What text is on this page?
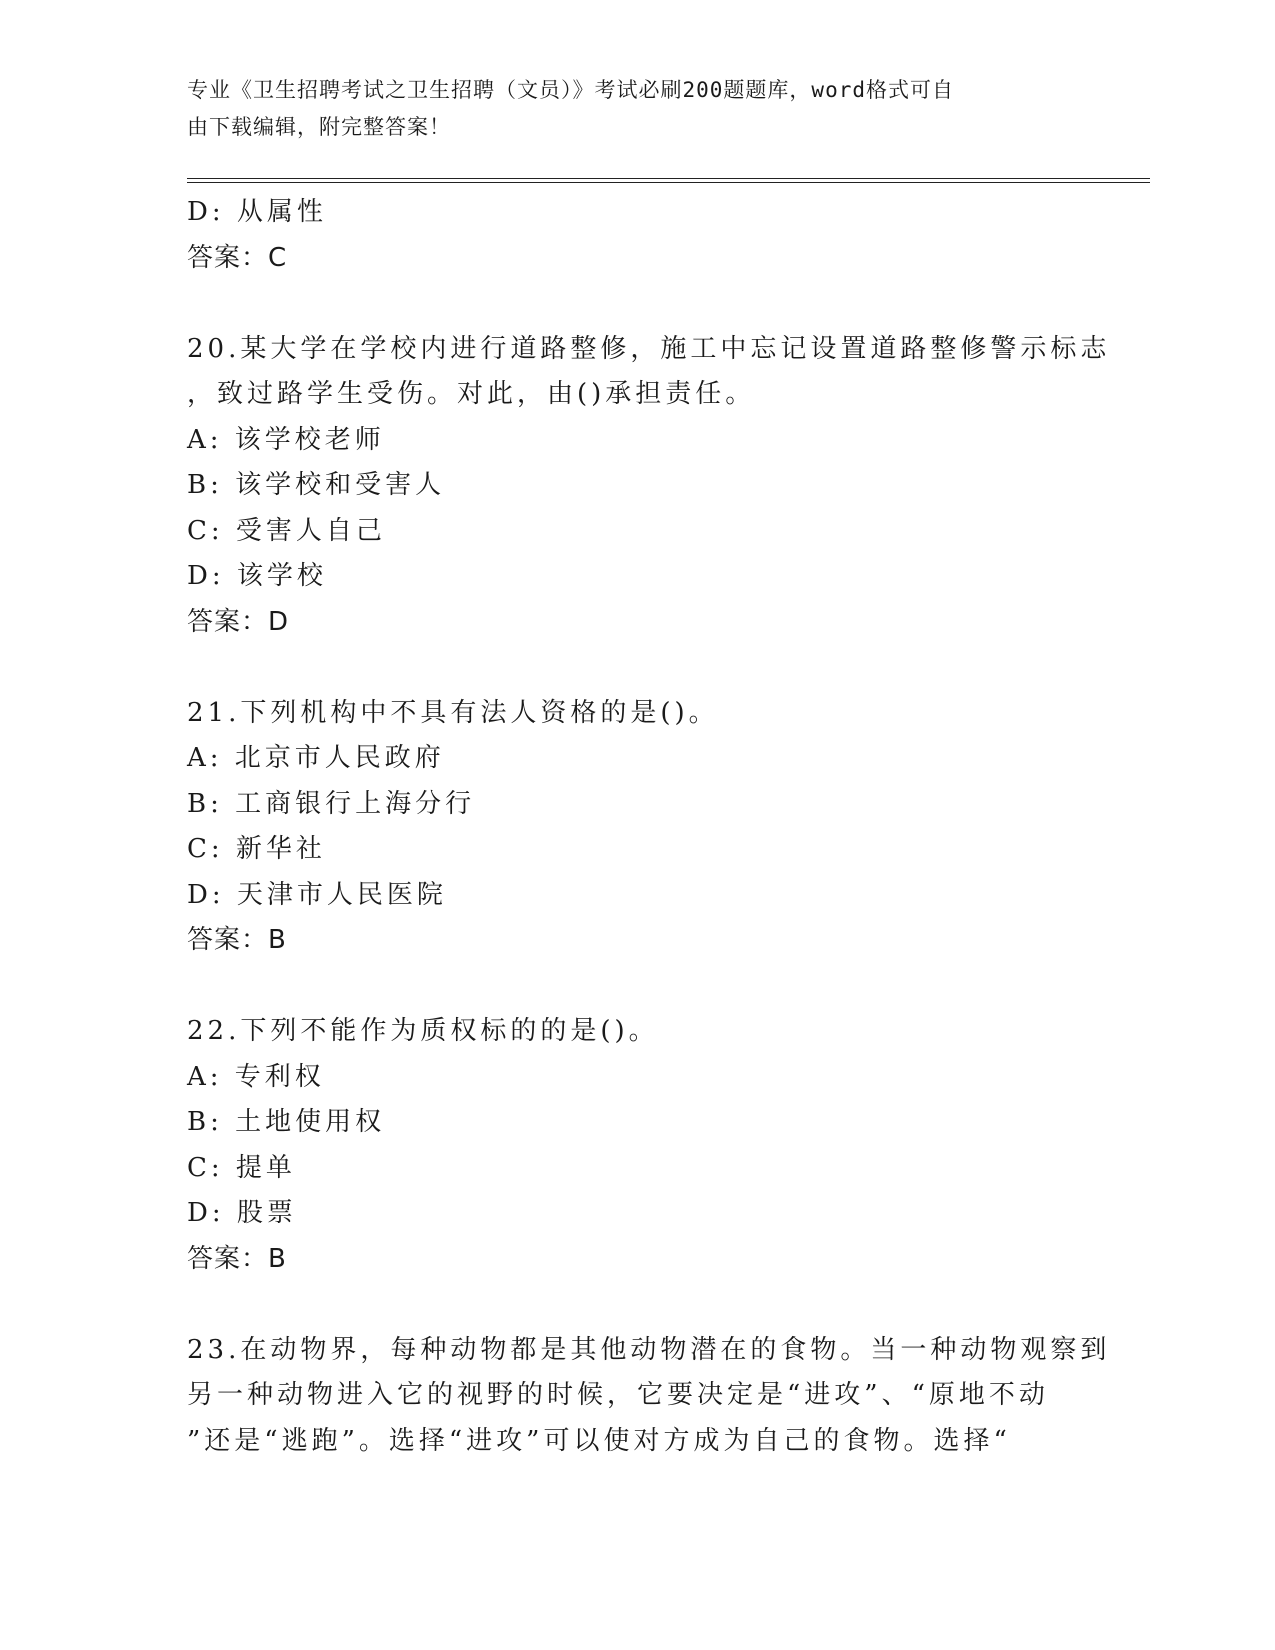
专业《卫生招聘考试之卫生招聘（文员）》考试必刷200题题库，word格式可自
由下载编辑，附完整答案！

D: 从属性

答案：C

20.某大学在学校内进行道路整修，施工中忘记设置道路整修警示标志

，致过路学生受伤。对此，由()承担责任。

A: 该学校老师

B: 该学校和受害人

C: 受害人自己

D: 该学校

答案：D

21.下列机构中不具有法人资格的是()。

A: 北京市人民政府

B: 工商银行上海分行

C: 新华社

D: 天津市人民医院

答案：B

22.下列不能作为质权标的的是()。

A: 专利权

B: 土地使用权

C: 提单

D: 股票

答案：B

23.在动物界，每种动物都是其他动物潜在的食物。当一种动物观察到

另一种动物进入它的视野的时候，它要决定是“进攻”、“原地不动

”还是“逃跑”。选择“进攻”可以使对方成为自己的食物。选择“
